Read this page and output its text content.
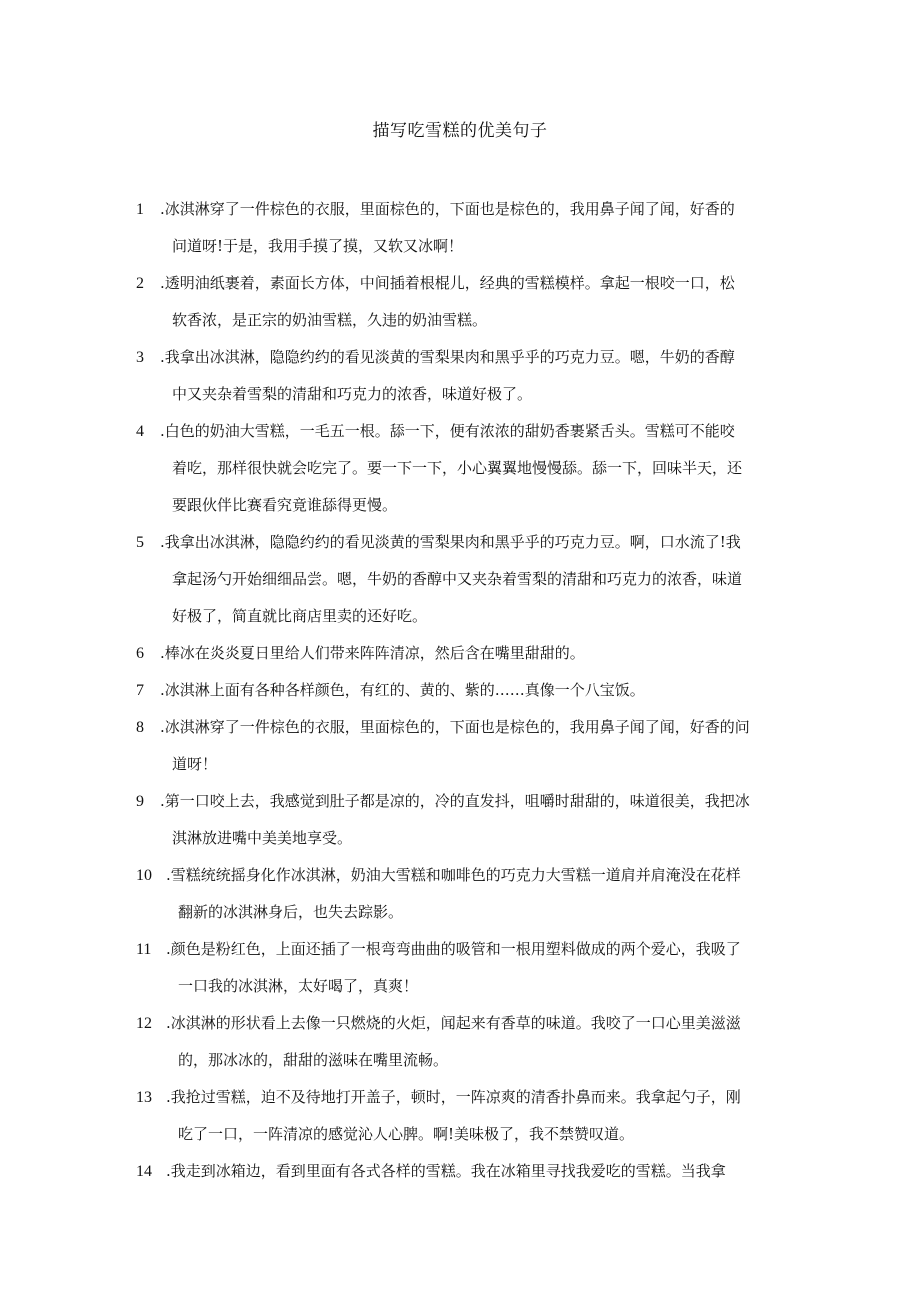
描写吃雪糕的优美句子
1	.冰淇淋穿了一件棕色的衣服，里面棕色的，下面也是棕色的，我用鼻子闻了闻，好香的
问道呀!于是，我用手摸了摸，又软又冰啊！
2	.透明油纸裹着，素面长方体，中间插着根棍儿，经典的雪糕模样。拿起一根咬一口，松
软香浓，是正宗的奶油雪糕，久违的奶油雪糕。
3	.我拿出冰淇淋，隐隐约约的看见淡黄的雪梨果肉和黑乎乎的巧克力豆。嗯，牛奶的香醇
中又夹杂着雪梨的清甜和巧克力的浓香，味道好极了。
4	.白色的奶油大雪糕，一毛五一根。舔一下，便有浓浓的甜奶香裹紧舌头。雪糕可不能咬
着吃，那样很快就会吃完了。要一下一下，小心翼翼地慢慢舔。舔一下，回味半天，还
要跟伙伴比赛看究竟谁舔得更慢。
5	.我拿出冰淇淋，隐隐约约的看见淡黄的雪梨果肉和黑乎乎的巧克力豆。啊，口水流了!我
拿起汤勺开始细细品尝。嗯，牛奶的香醇中又夹杂着雪梨的清甜和巧克力的浓香，味道
好极了，简直就比商店里卖的还好吃。
6	.棒冰在炎炎夏日里给人们带来阵阵清凉，然后含在嘴里甜甜的。
7	.冰淇淋上面有各种各样颜色，有红的、黄的、紫的……真像一个八宝饭。
8	.冰淇淋穿了一件棕色的衣服，里面棕色的，下面也是棕色的，我用鼻子闻了闻，好香的问
道呀！
9	.第一口咬上去，我感觉到肚子都是凉的，冷的直发抖，咀嚼时甜甜的，味道很美，我把冰
淇淋放进嘴中美美地享受。
10 .雪糕统统摇身化作冰淇淋，奶油大雪糕和咖啡色的巧克力大雪糕一道肩并肩淹没在花样
翻新的冰淇淋身后，也失去踪影。
11 .颜色是粉红色，上面还插了一根弯弯曲曲的吸管和一根用塑料做成的两个爱心，我吸了
一口我的冰淇淋，太好喝了，真爽！
12 .冰淇淋的形状看上去像一只燃烧的火炬，闻起来有香草的味道。我咬了一口心里美滋滋
的，那冰冰的，甜甜的滋味在嘴里流畅。
13 .我抢过雪糕，迫不及待地打开盖子，顿时，一阵凉爽的清香扑鼻而来。我拿起勺子，刚
吃了一口，一阵清凉的感觉沁人心脾。啊!美味极了，我不禁赞叹道。
14 .我走到冰箱边，看到里面有各式各样的雪糕。我在冰箱里寻找我爱吃的雪糕。当我拿
